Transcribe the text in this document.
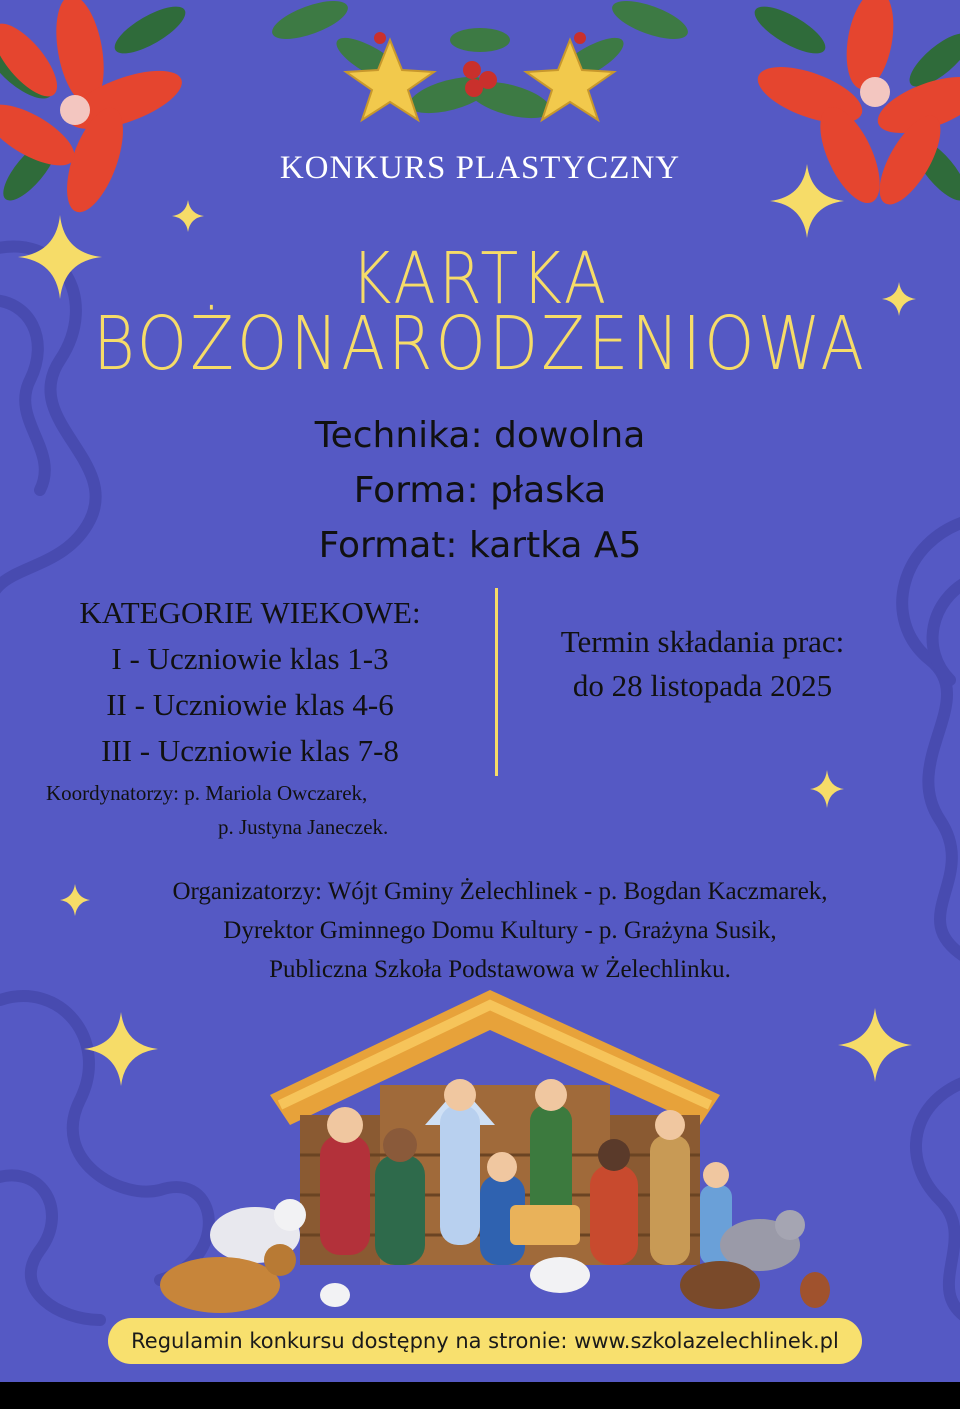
KONKURS PLASTYCZNY
KARTKA
BOŻONARODZENIOWA
Technika: dowolna
Forma: płaska
Format: kartka A5
KATEGORIE WIEKOWE:
I - Uczniowie klas 1-3
II - Uczniowie klas 4-6
III - Uczniowie klas 7-8
Termin składania prac:
do 28 listopada 2025
Koordynatorzy: p. Mariola Owczarek,
p. Justyna Janeczek.
Organizatorzy: Wójt Gminy Żelechlinek - p. Bogdan Kaczmarek,
Dyrektor Gminnego Domu Kultury - p. Grażyna Susik,
Publiczna Szkoła Podstawowa w Żelechlinku.
Regulamin konkursu dostępny na stronie: www.szkolazelechlinek.pl
